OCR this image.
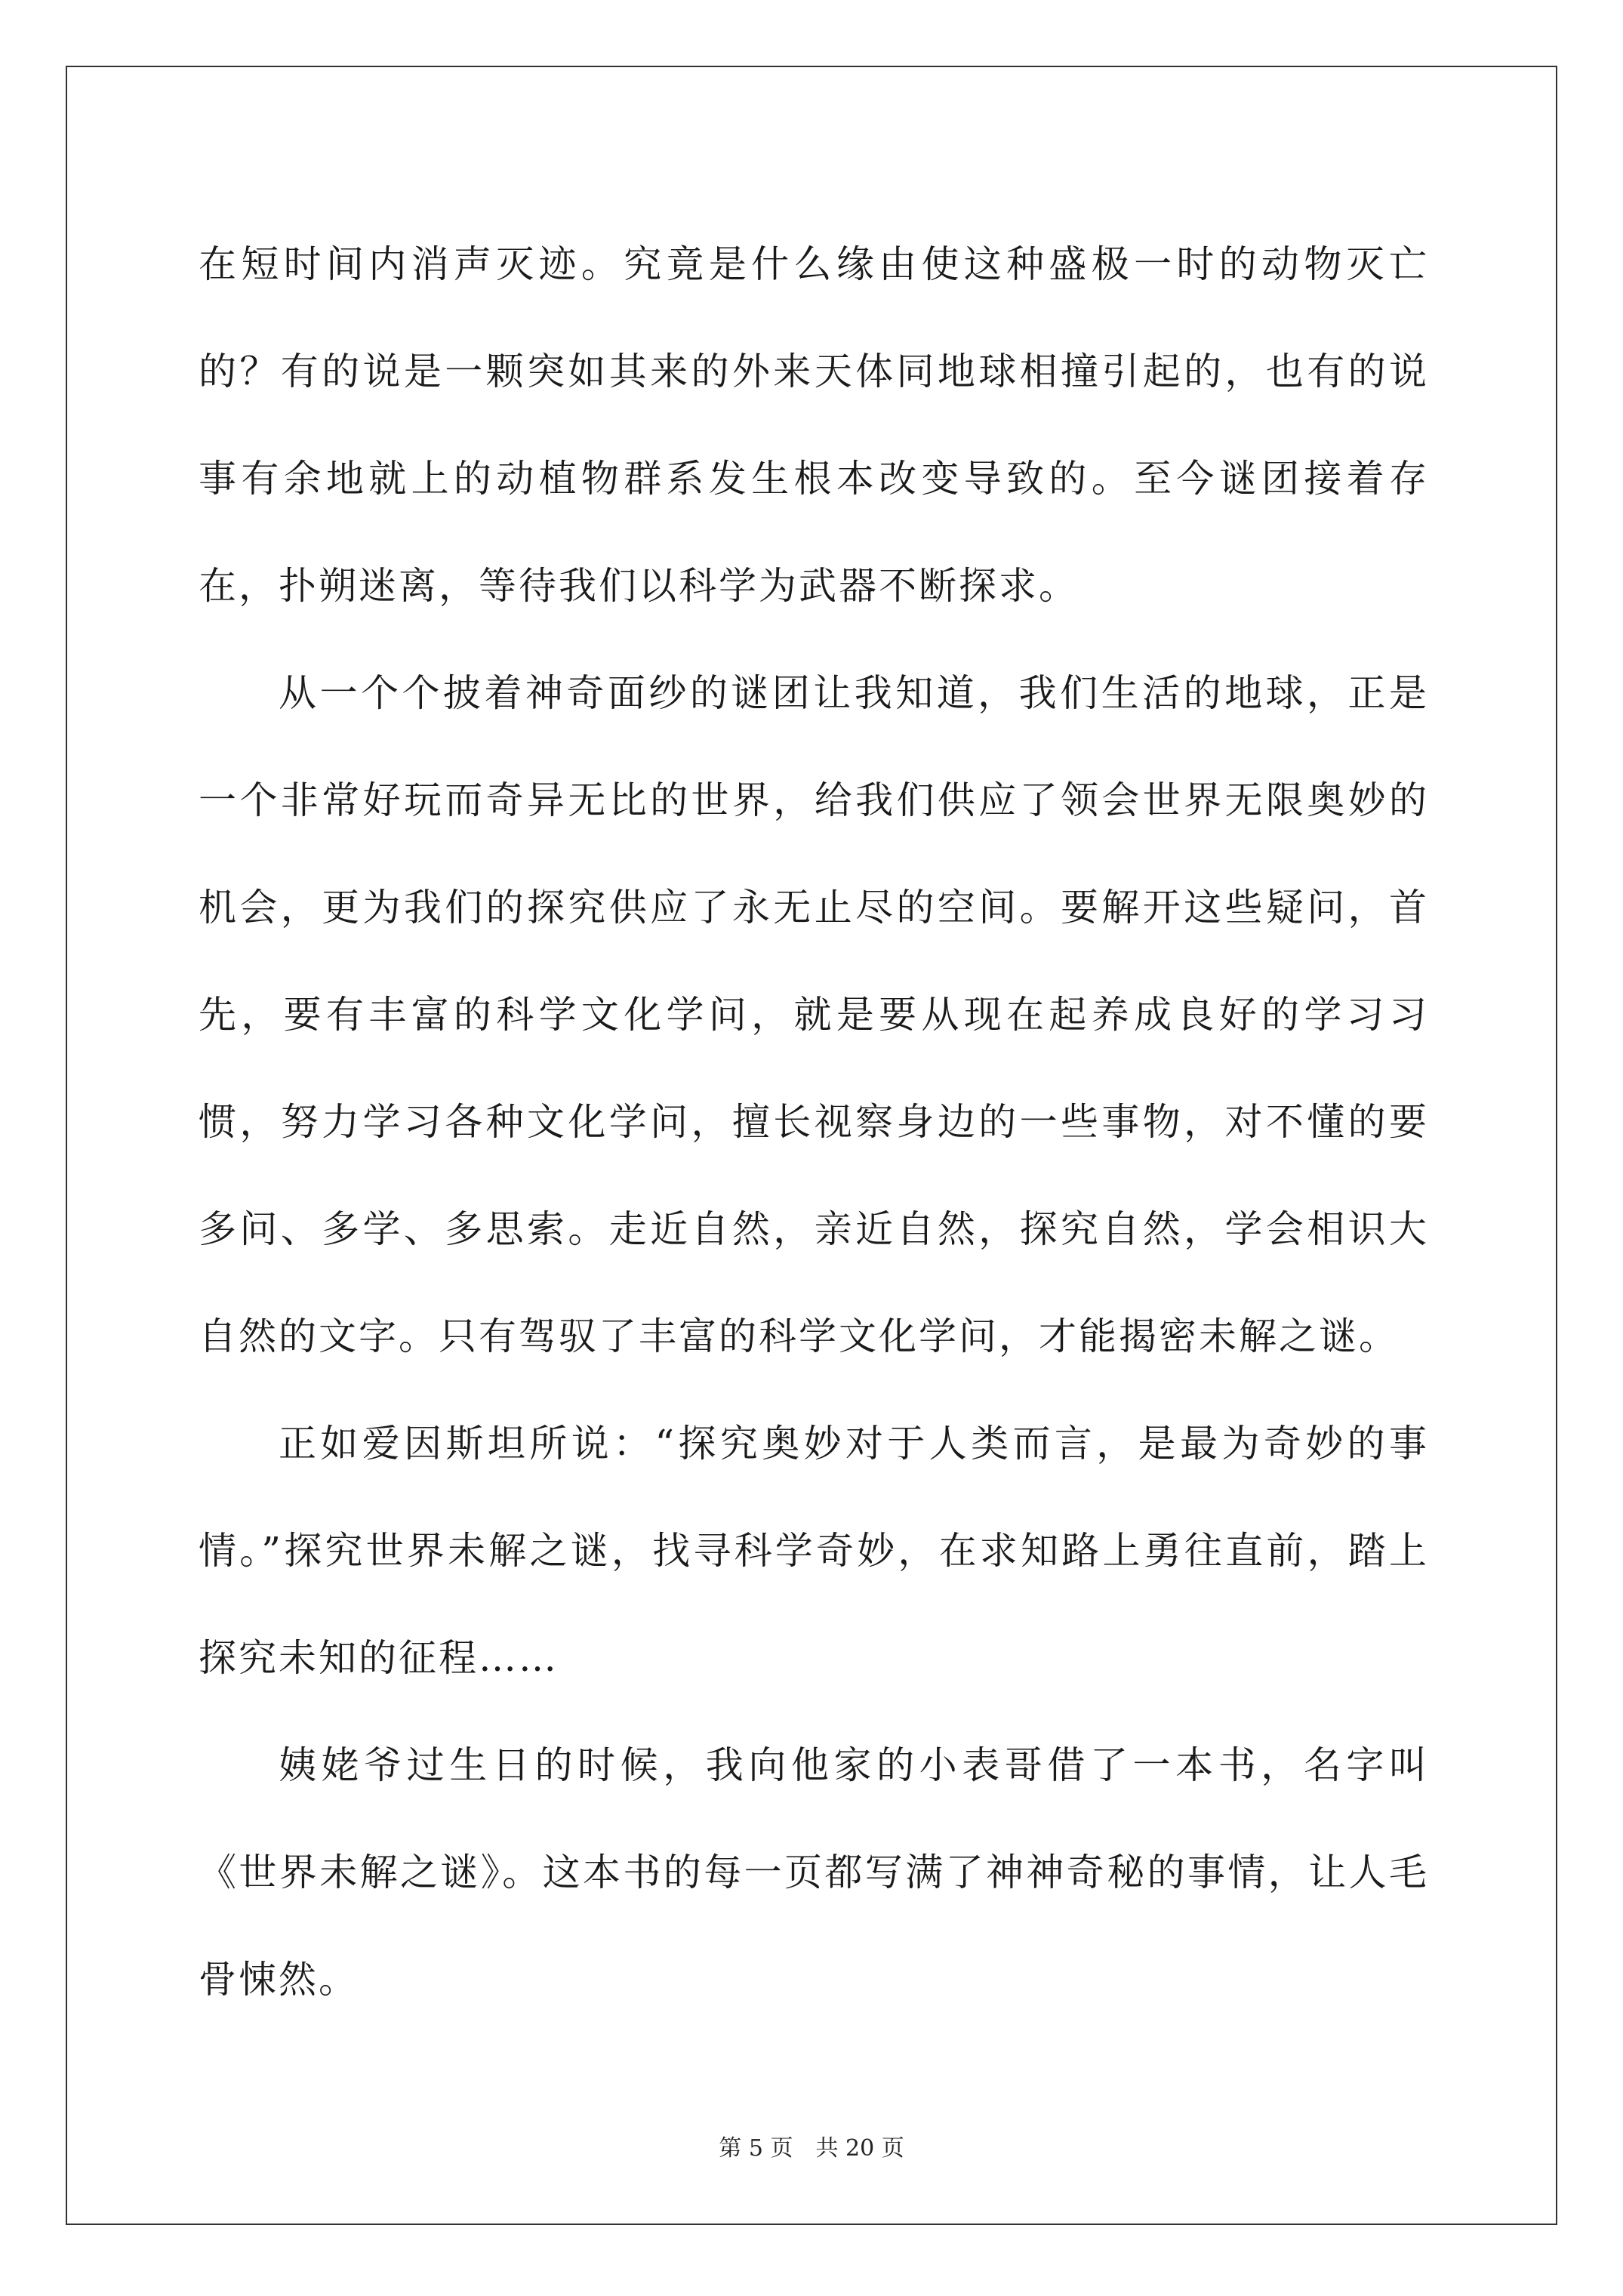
在短时间内消声灭迹。究竟是什么缘由使这种盛极一时的动物灭亡的？有的说是一颗突如其来的外来天体同地球相撞引起的，也有的说事有余地就上的动植物群系发生根本改变导致的。至今谜团接着存在，扑朔迷离，等待我们以科学为武器不断探求。

从一个个披着神奇面纱的谜团让我知道，我们生活的地球，正是一个非常好玩而奇异无比的世界，给我们供应了领会世界无限奥妙的机会，更为我们的探究供应了永无止尽的空间。要解开这些疑问，首先，要有丰富的科学文化学问，就是要从现在起养成良好的学习习惯，努力学习各种文化学问，擅长视察身边的一些事物，对不懂的要多问、多学、多思索。走近自然，亲近自然，探究自然，学会相识大自然的文字。只有驾驭了丰富的科学文化学问，才能揭密未解之谜。

正如爱因斯坦所说：“探究奥妙对于人类而言，是最为奇妙的事情。”探究世界未解之谜，找寻科学奇妙，在求知路上勇往直前，踏上探究未知的征程……

姨姥爷过生日的时候，我向他家的小表哥借了一本书，名字叫《世界未解之谜》。这本书的每一页都写满了神神奇秘的事情，让人毛骨悚然。

第 5 页　共 20 页
